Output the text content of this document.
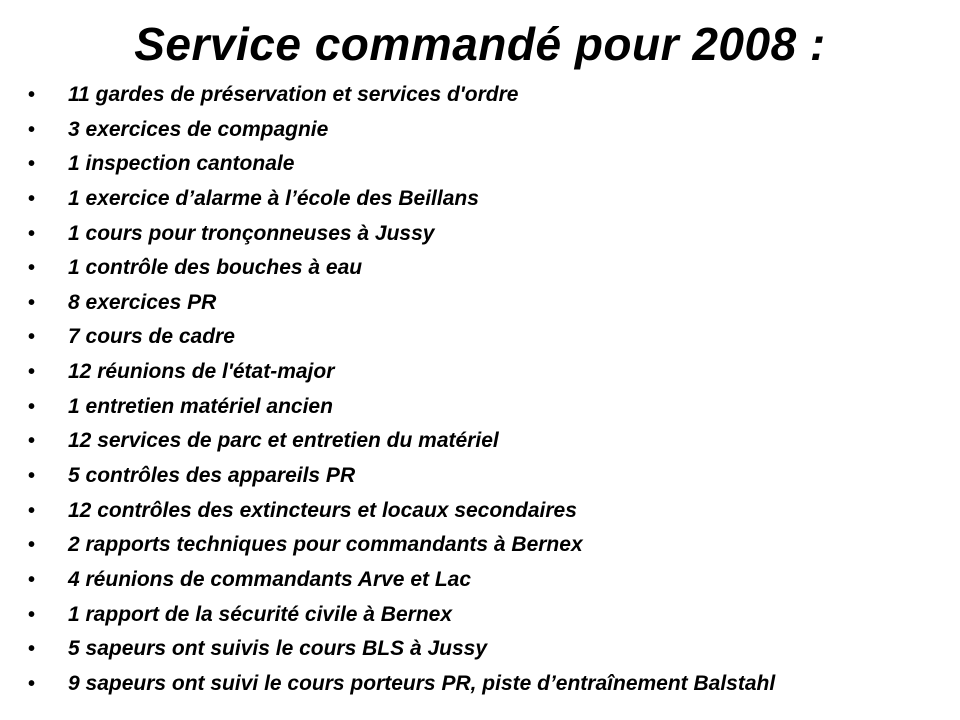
Service commandé pour 2008 :
• 11 gardes de préservation et services d'ordre
• 3 exercices de compagnie
• 1 inspection cantonale
• 1 exercice d’alarme à l’école des Beillans
• 1 cours pour tronçonneuses à Jussy
• 1 contrôle des bouches à eau
• 8 exercices PR
• 7 cours de cadre
• 12 réunions de l'état-major
• 1 entretien matériel ancien
• 12 services de parc et entretien du matériel
• 5 contrôles des appareils PR
• 12 contrôles des extincteurs et locaux secondaires
• 2 rapports techniques pour commandants à Bernex
• 4 réunions de commandants Arve et Lac
• 1 rapport de la sécurité civile à Bernex
• 5 sapeurs ont suivis le cours BLS à Jussy
• 9 sapeurs ont suivi le cours porteurs PR, piste d’entraînement Balstahl
